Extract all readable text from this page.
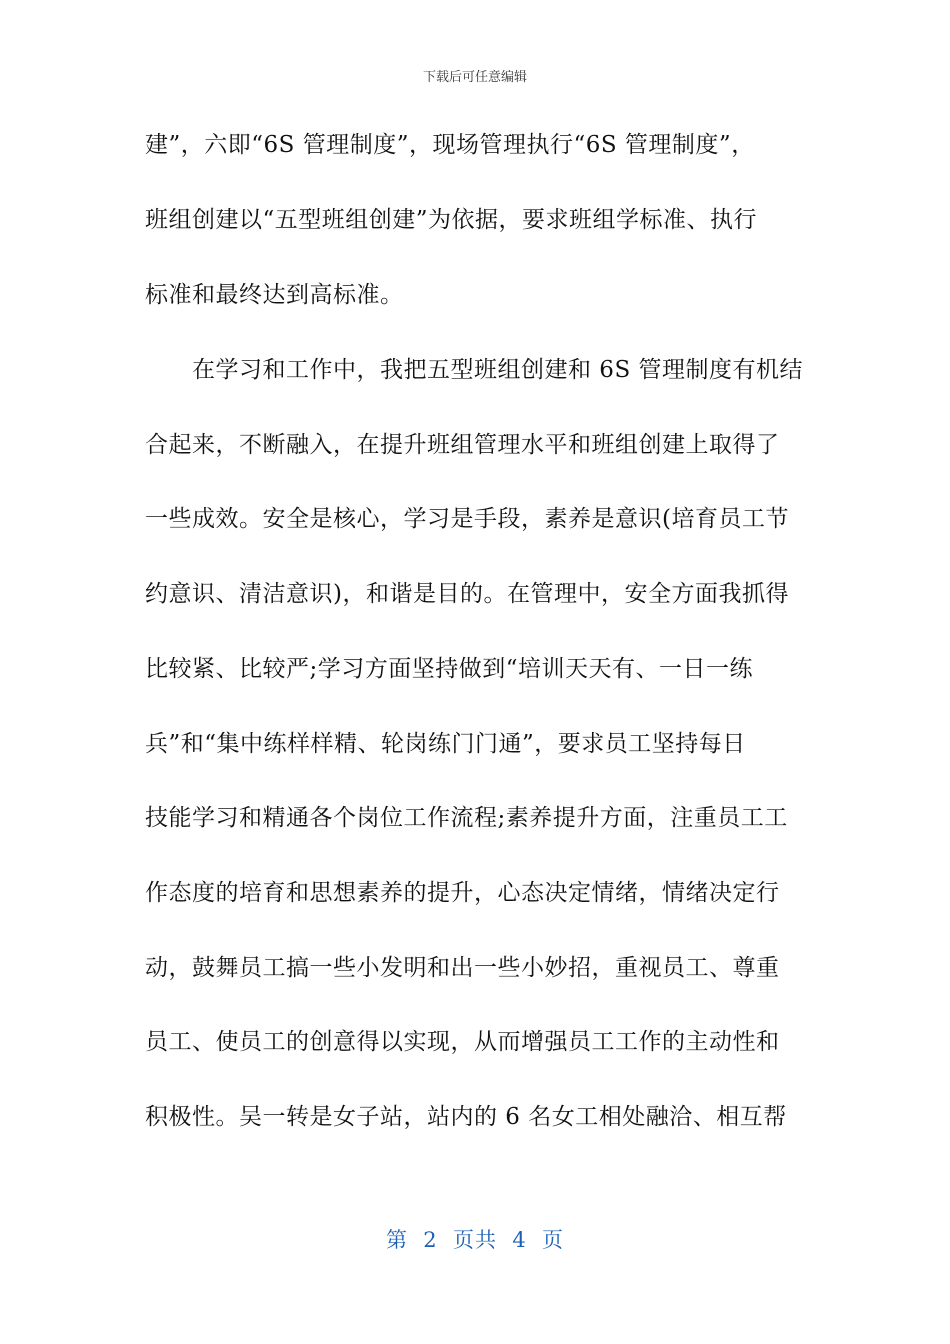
下载后可任意编辑
建”，六即“6S 管理制度”，现场管理执行“6S 管理制度”，
班组创建以“五型班组创建”为依据，要求班组学标准、执行
标准和最终达到高标准。
在学习和工作中，我把五型班组创建和 6S 管理制度有机结
合起来，不断融入，在提升班组管理水平和班组创建上取得了
一些成效。安全是核心，学习是手段，素养是意识(培育员工节
约意识、清洁意识)，和谐是目的。在管理中，安全方面我抓得
比较紧、比较严;学习方面坚持做到“培训天天有、一日一练
兵”和“集中练样样精、轮岗练门门通”，要求员工坚持每日
技能学习和精通各个岗位工作流程;素养提升方面，注重员工工
作态度的培育和思想素养的提升，心态决定情绪，情绪决定行
动，鼓舞员工搞一些小发明和出一些小妙招，重视员工、尊重
员工、使员工的创意得以实现，从而增强员工工作的主动性和
积极性。吴一转是女子站，站内的 6 名女工相处融洽、相互帮
第  2  页共  4  页
